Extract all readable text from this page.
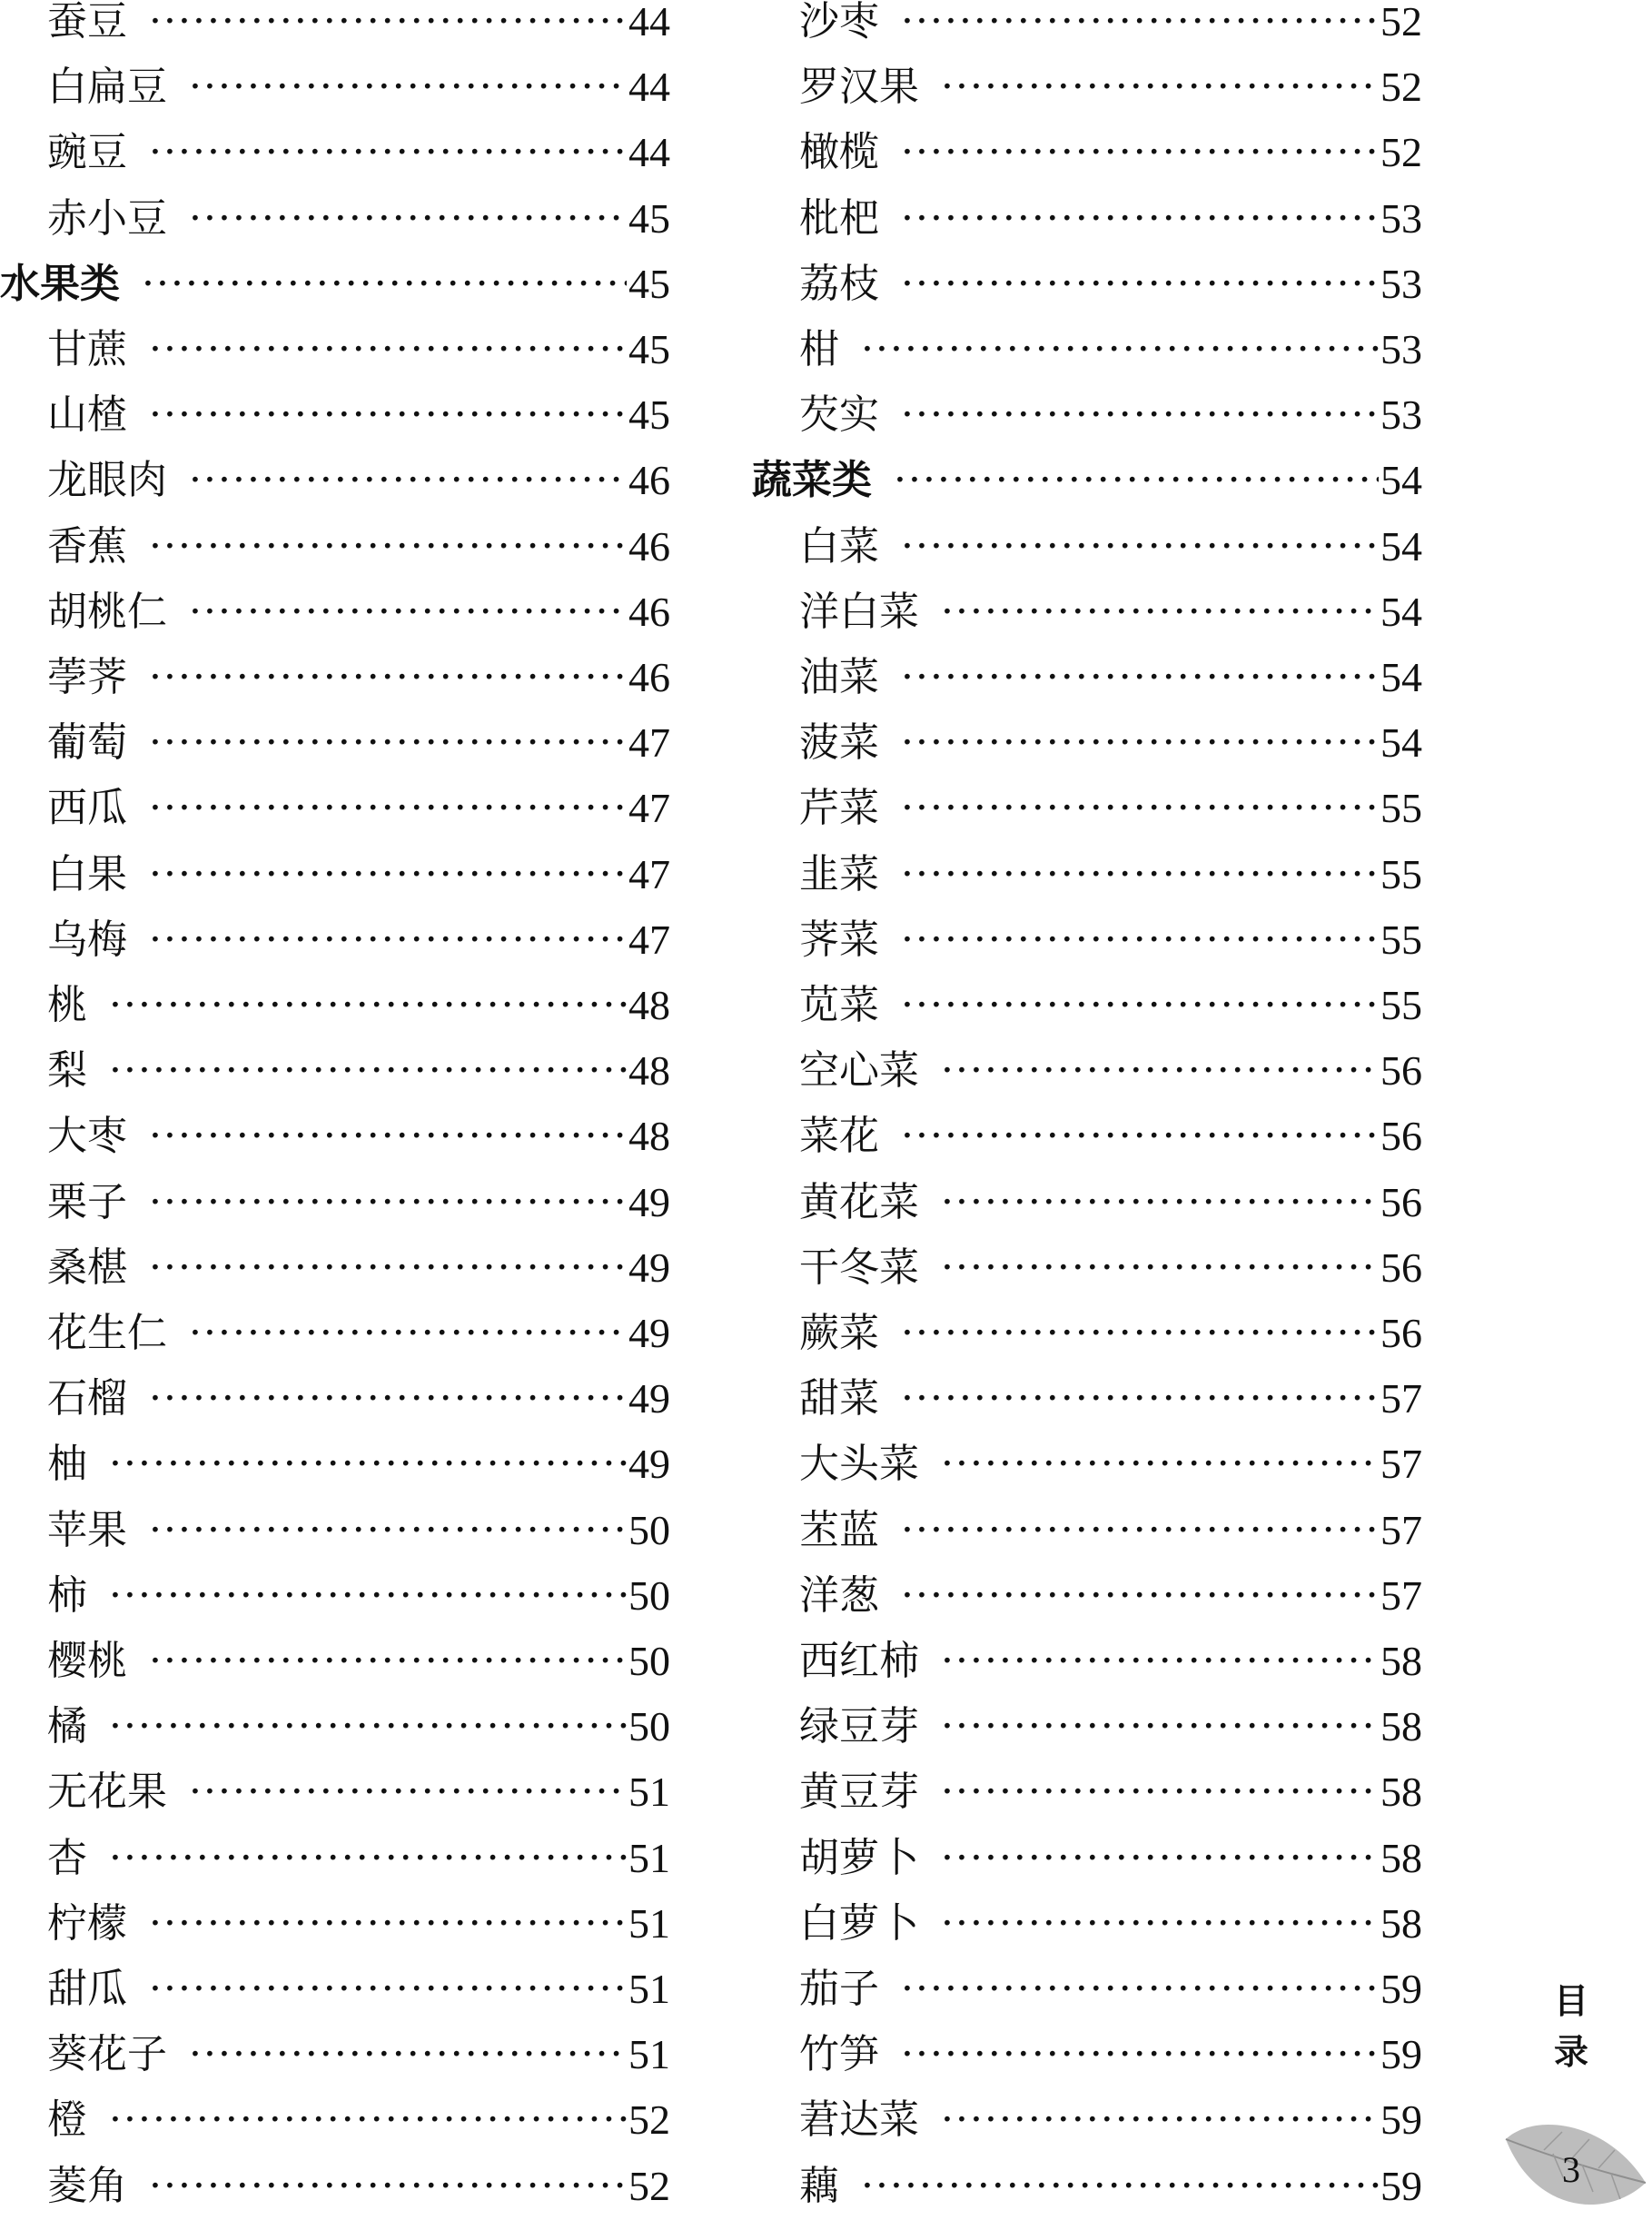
蚕豆 ·····	44
白扁豆 ·····	44
豌豆 ·····	44
赤小豆 ·····	45
水果类 ·····	45
甘蔗 ·····	45
山楂 ·····	45
龙眼肉 ·····	46
香蕉 ·····	46
胡桃仁 ·····	46
荸荠 ·····	46
葡萄 ·····	47
西瓜 ·····	47
白果 ·····	47
乌梅 ·····	47
桃 ·····	48
梨 ·····	48
大枣 ·····	48
栗子 ·····	49
桑椹 ·····	49
花生仁 ·····	49
石榴 ·····	49
柚 ·····	49
苹果 ·····	50
柿 ·····	50
樱桃 ·····	50
橘 ·····	50
无花果 ·····	51
杏 ·····	51
柠檬 ·····	51
甜瓜 ·····	51
葵花子 ·····	51
橙 ·····	52
菱角 ·····	52
沙枣 ·····	52
罗汉果 ·····	52
橄榄 ·····	52
枇杷 ·····	53
荔枝 ·····	53
柑 ·····	53
芡实 ·····	53
蔬菜类 ·····	54
白菜 ·····	54
洋白菜 ·····	54
油菜 ·····	54
菠菜 ·····	54
芹菜 ·····	55
韭菜 ·····	55
荠菜 ·····	55
苋菜 ·····	55
空心菜 ·····	56
菜花 ·····	56
黄花菜 ·····	56
干冬菜 ·····	56
蕨菜 ·····	56
甜菜 ·····	57
大头菜 ·····	57
苤蓝 ·····	57
洋葱 ·····	57
西红柿 ·····	58
绿豆芽 ·····	58
黄豆芽 ·····	58
胡萝卜 ·····	58
白萝卜 ·····	58
茄子 ·····	59
竹笋 ·····	59
莙达菜 ·····	59
藕 ·····	59
目
录
3
